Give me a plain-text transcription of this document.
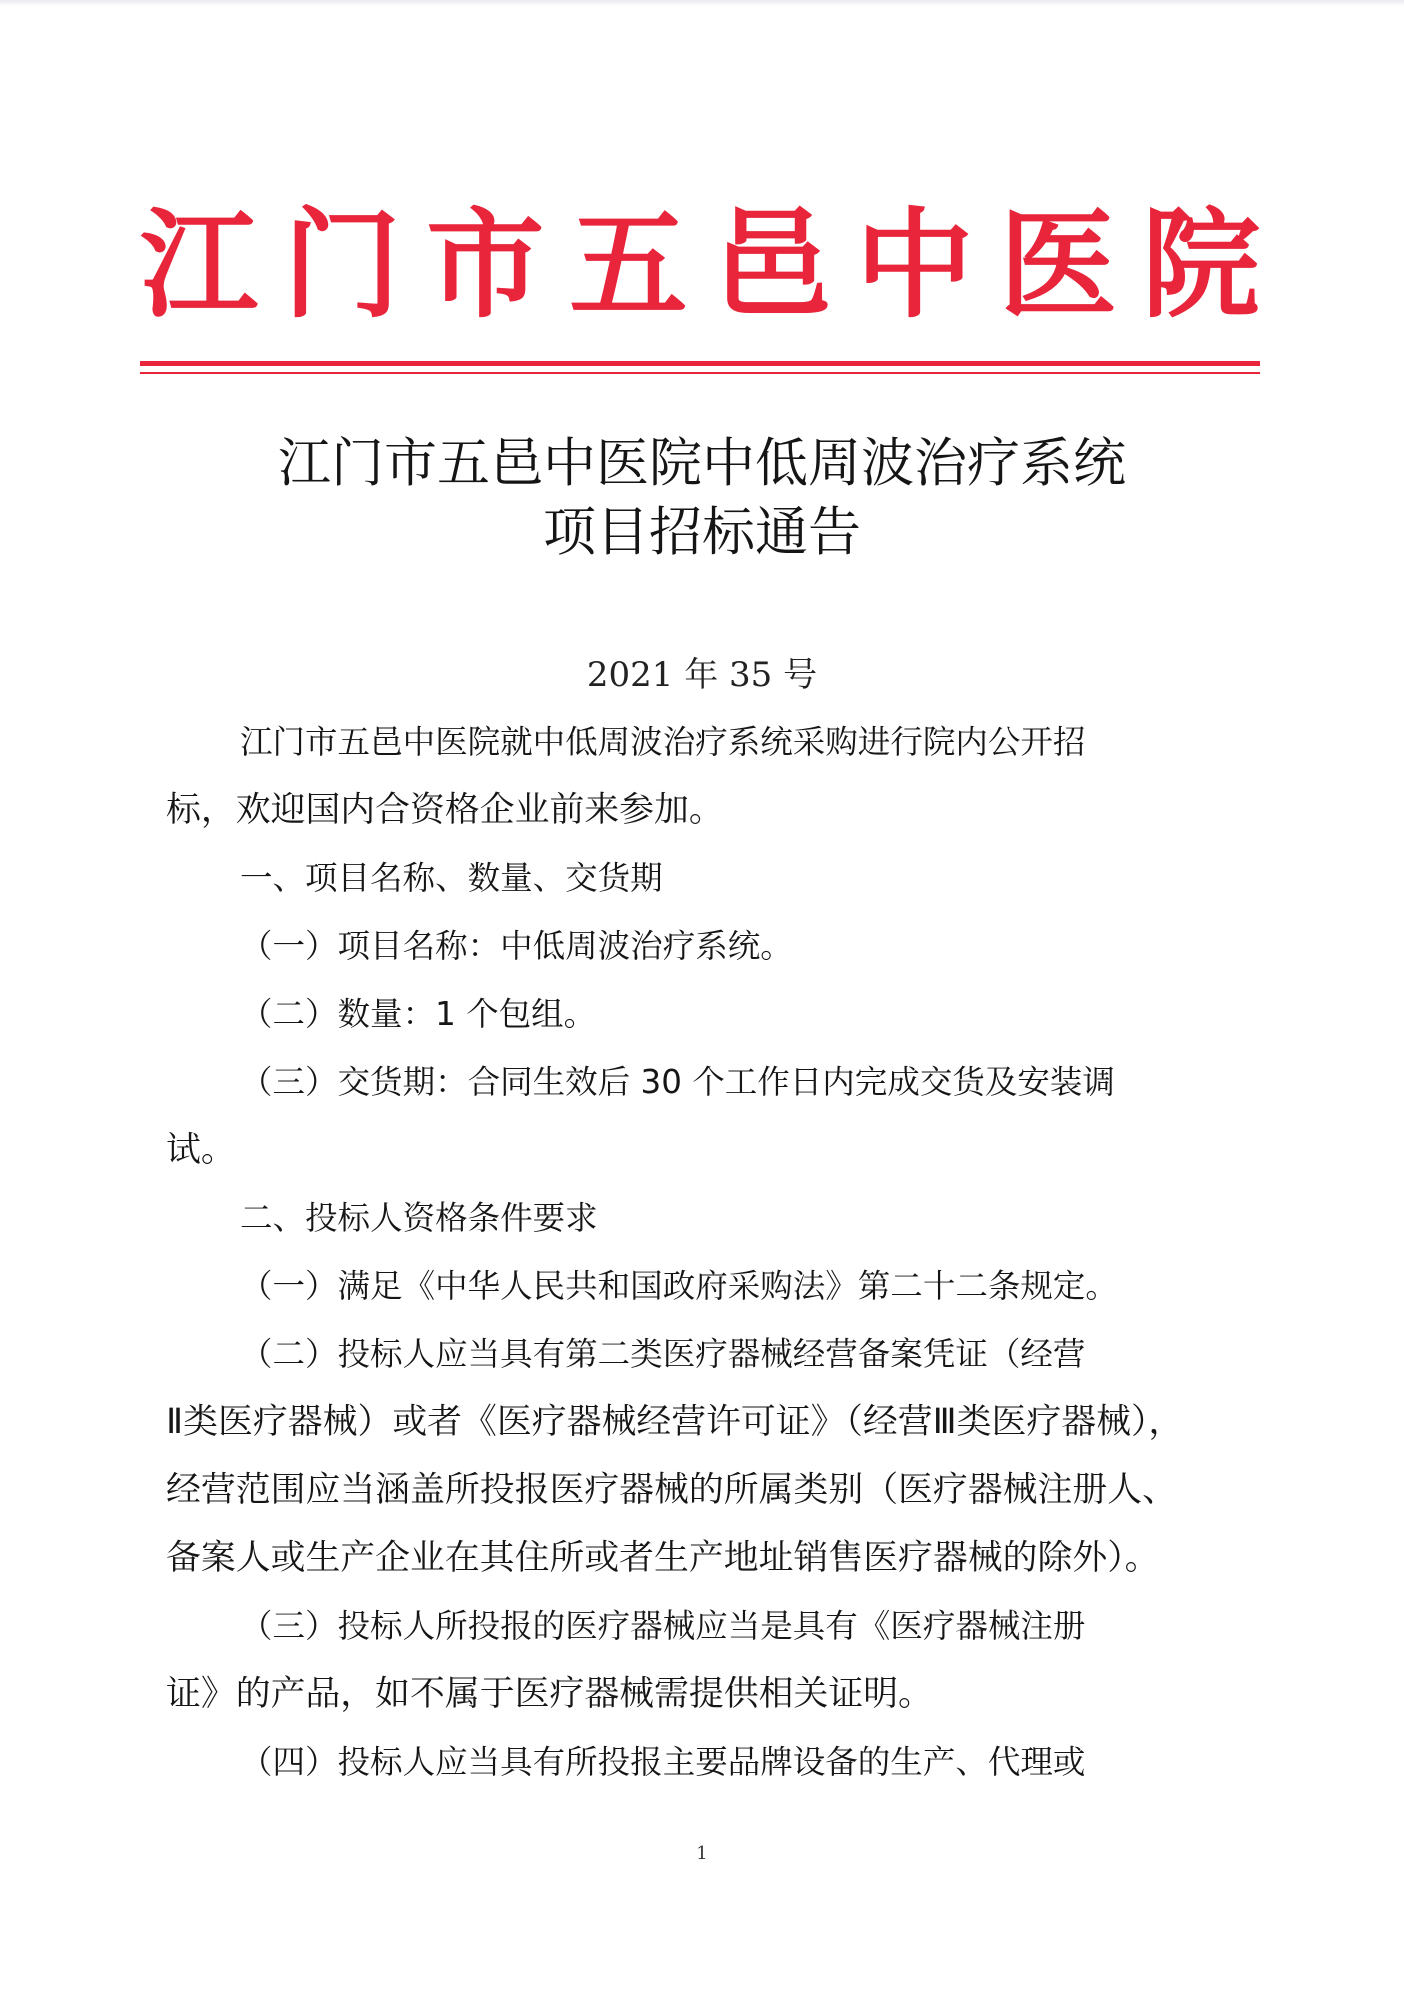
江 门 市 五 邑 中 医 院
江门市五邑中医院中低周波治疗系统
项目招标通告
2021 年 35 号
江门市五邑中医院就中低周波治疗系统采购进行院内公开招
标，欢迎国内合资格企业前来参加。
一、项目名称、数量、交货期
（一）项目名称：中低周波治疗系统。
（二）数量：1 个包组。
（三）交货期：合同生效后 30 个工作日内完成交货及安装调
试。
二、投标人资格条件要求
（一）满足《中华人民共和国政府采购法》第二十二条规定。
（二）投标人应当具有第二类医疗器械经营备案凭证（经营
Ⅱ类医疗器械）或者《医疗器械经营许可证》（经营Ⅲ类医疗器械），
经营范围应当涵盖所投报医疗器械的所属类别（医疗器械注册人、
备案人或生产企业在其住所或者生产地址销售医疗器械的除外）。
（三）投标人所投报的医疗器械应当是具有《医疗器械注册
证》的产品，如不属于医疗器械需提供相关证明。
（四）投标人应当具有所投报主要品牌设备的生产、代理或
1
